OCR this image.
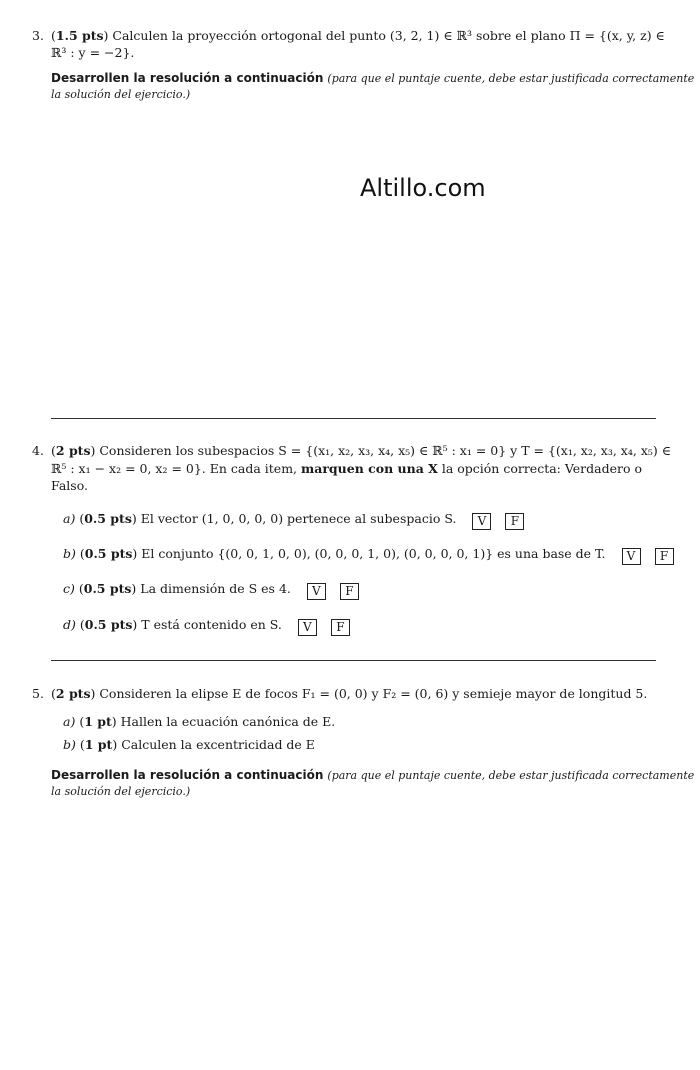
3. (1.5 pts) Calculen la proyección ortogonal del punto (3, 2, 1) ∈ ℝ³ sobre el plano Π = {(x, y, z) ∈
ℝ³ : y = −2}.
Desarrollen la resolución a continuación (para que el puntaje cuente, debe estar justificada correctamente
la solución del ejercicio.)
Altillo.com
4. (2 pts) Consideren los subespacios S = {(x₁, x₂, x₃, x₄, x₅) ∈ ℝ⁵ : x₁ = 0} y T = {(x₁, x₂, x₃, x₄, x₅) ∈
ℝ⁵ : x₁ − x₂ = 0, x₂ = 0}. En cada item, marquen con una X la opción correcta: Verdadero o
Falso.
a) (0.5 pts) El vector (1, 0, 0, 0, 0) pertenece al subespacio S. V F
b) (0.5 pts) El conjunto {(0, 0, 1, 0, 0), (0, 0, 0, 1, 0), (0, 0, 0, 0, 1)} es una base de T. V F
c) (0.5 pts) La dimensión de S es 4. V F
d) (0.5 pts) T está contenido en S. V F
5. (2 pts) Consideren la elipse E de focos F₁ = (0, 0) y F₂ = (0, 6) y semieje mayor de longitud 5.
a) (1 pt) Hallen la ecuación canónica de E.
b) (1 pt) Calculen la excentricidad de E
Desarrollen la resolución a continuación (para que el puntaje cuente, debe estar justificada correctamente
la solución del ejercicio.)
